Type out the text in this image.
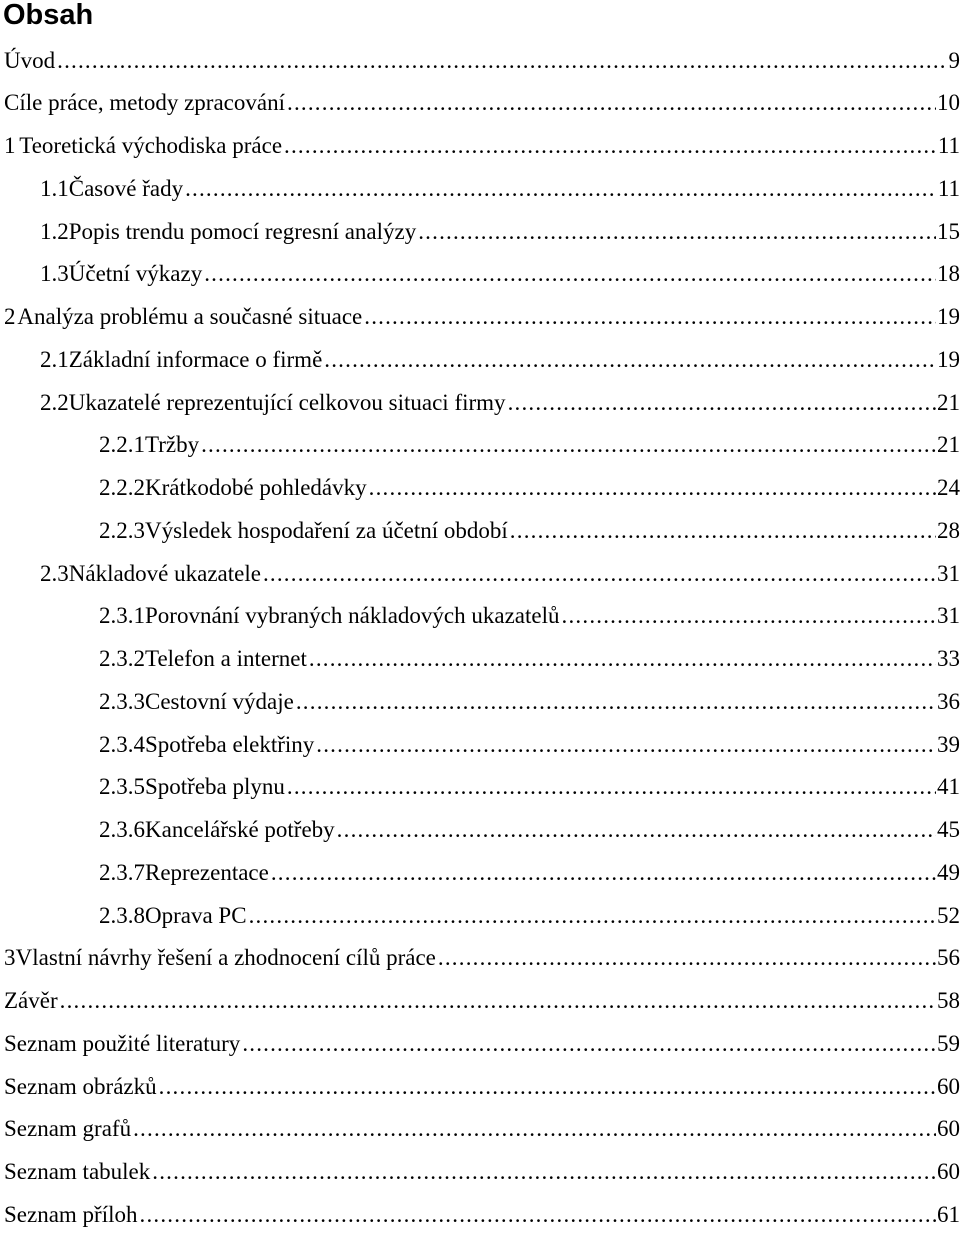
Obsah
Úvod .....	9
Cíle práce, metody zpracování .....	10
1 Teoretická východiska práce .....	11
1.1 Časové řady .....	11
1.2 Popis trendu pomocí regresní analýzy .....	15
1.3 Účetní výkazy .....	18
2 Analýza problému a současné situace .....	19
2.1 Základní informace o firmě .....	19
2.2 Ukazatelé reprezentující celkovou situaci firmy .....	21
2.2.1 Tržby .....	21
2.2.2 Krátkodobé pohledávky .....	24
2.2.3 Výsledek hospodaření za účetní období .....	28
2.3 Nákladové ukazatele .....	31
2.3.1 Porovnání vybraných nákladových ukazatelů .....	31
2.3.2 Telefon a internet .....	33
2.3.3 Cestovní výdaje .....	36
2.3.4 Spotřeba elektřiny .....	39
2.3.5 Spotřeba plynu .....	41
2.3.6 Kancelářské potřeby .....	45
2.3.7 Reprezentace .....	49
2.3.8 Oprava PC .....	52
3 Vlastní návrhy řešení a zhodnocení cílů práce .....	56
Závěr .....	58
Seznam použité literatury .....	59
Seznam obrázků .....	60
Seznam grafů .....	60
Seznam tabulek .....	60
Seznam příloh .....	61
